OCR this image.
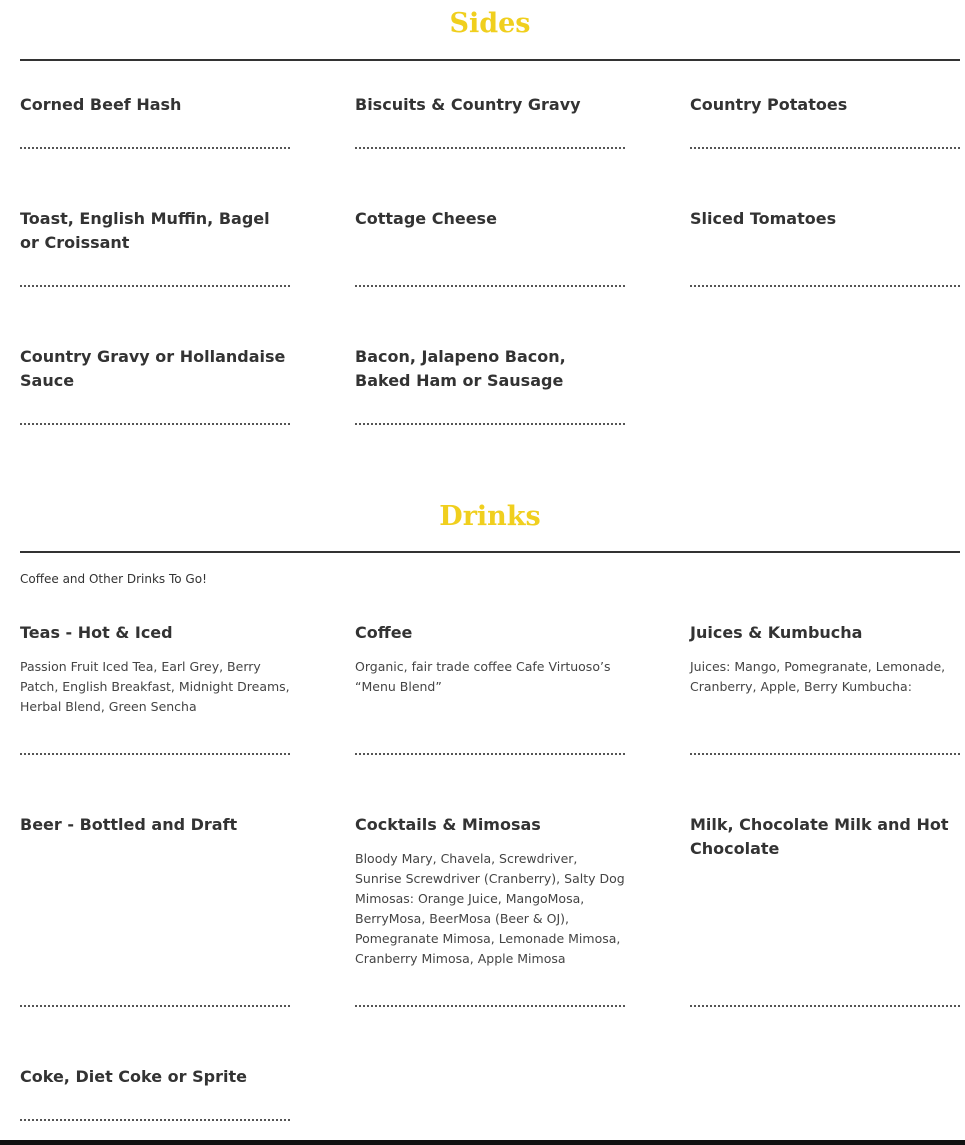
Sides
Corned Beef Hash	Biscuits & Country Gravy	Country Potatoes
Toast, English Muffin, Bagel or Croissant
Cottage Cheese	Sliced Tomatoes
Country Gravy or Hollandaise Sauce
Bacon, Jalapeno Bacon, Baked Ham or Sausage
Drinks
Coffee and Other Drinks To Go!
Teas - Hot & Iced

Passion Fruit Iced Tea, Earl Grey, Berry Patch, English Breakfast, Midnight Dreams, Herbal Blend, Green Sencha

Coffee

Organic, fair trade coffee Cafe Virtuoso’s “Menu Blend”

Juices & Kumbucha

Juices: Mango, Pomegranate, Lemonade, Cranberry, Apple, Berry Kumbucha:

Beer - Bottled and Draft	Cocktails & Mimosas

Bloody Mary, Chavela, Screwdriver, Sunrise Screwdriver (Cranberry), Salty Dog Mimosas: Orange Juice, MangoMosa, BerryMosa, BeerMosa (Beer & OJ), Pomegranate Mimosa, Lemonade Mimosa, Cranberry Mimosa, Apple Mimosa

Milk, Chocolate Milk and Hot Chocolate
Coke, Diet Coke or Sprite
